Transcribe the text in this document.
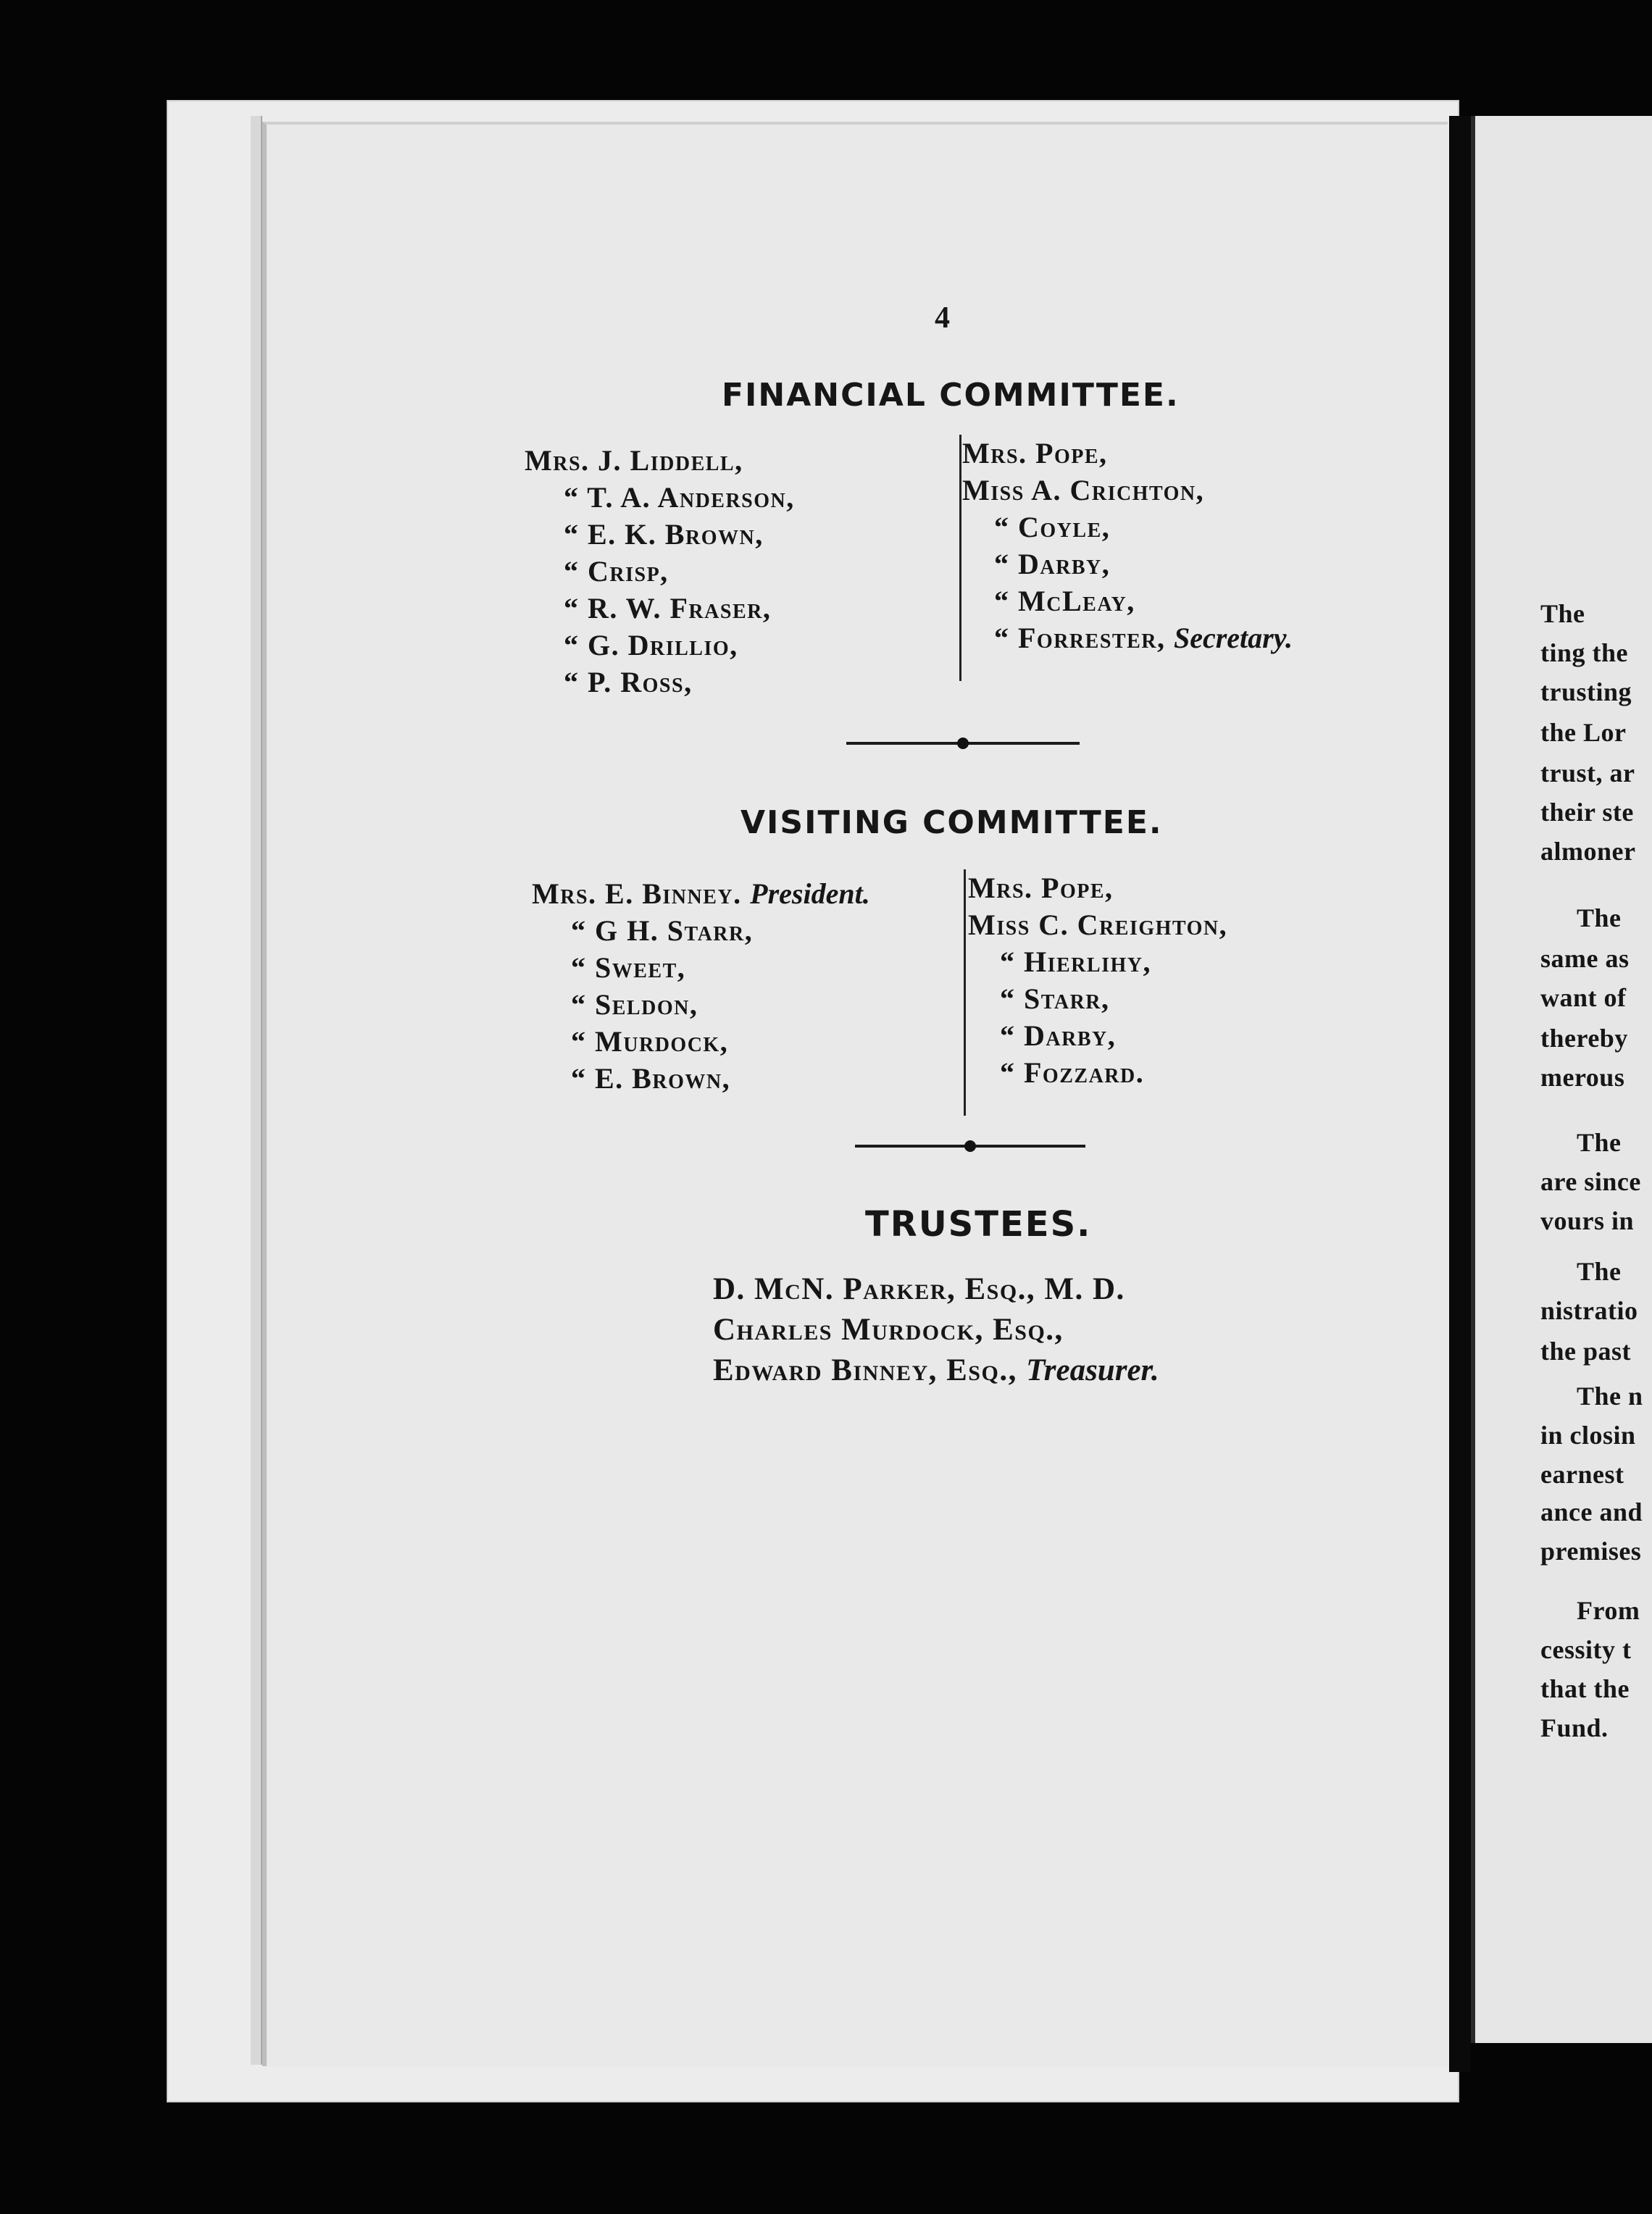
4
FINANCIAL COMMITTEE.
Mrs. J. Liddell,
“ T. A. Anderson,
“ E. K. Brown,
“ Crisp,
“ R. W. Fraser,
“ G. Drillio,
“ P. Ross,
Mrs. Pope,
Miss A. Crichton,
“ Coyle,
“ Darby,
“ McLeay,
“ Forrester, Secretary.
VISITING COMMITTEE.
Mrs. E. Binney. President.
“ G H. Starr,
“ Sweet,
“ Seldon,
“ Murdock,
“ E. Brown,
Mrs. Pope,
Miss C. Creighton,
“ Hierlihy,
“ Starr,
“ Darby,
“ Fozzard.
TRUSTEES.
D. McN. Parker, Esq., M. D.
Charles Murdock, Esq.,
Edward Binney, Esq., Treasurer.
The
ting the
trusting
the Lor
trust, ar
their ste
almoner
The
same as
want of
thereby
merous
The
are since
vours in
The
nistratio
the past
The n
in closin
earnest
ance and
premises
From
cessity t
that the
Fund.
